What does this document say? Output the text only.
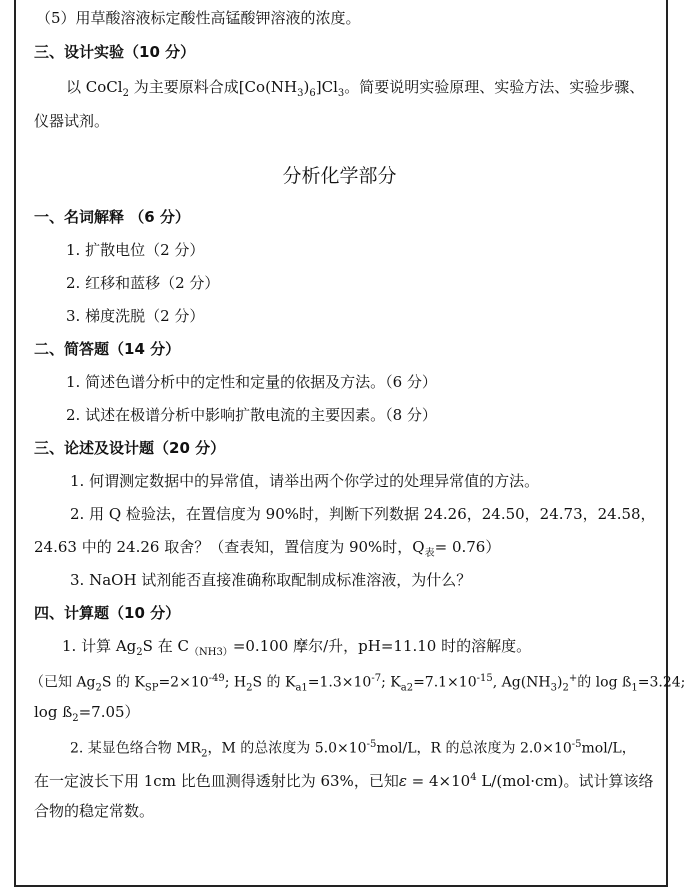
（5）用草酸溶液标定酸性高锰酸钾溶液的浓度。
三、设计实验（10 分）
以 CoCl$_2$ 为主要原料合成$[Co(NH_3)_6]Cl_3$。简要说明实验原理、实验方法、实验步骤、
仪器试剂。
分析化学部分
一、名词解释 （6 分）
1. 扩散电位（2 分）
2. 红移和蓝移（2 分）
3. 梯度洗脱（2 分）
二、简答题（14 分）
1. 简述色谱分析中的定性和定量的依据及方法。（6 分）
2. 试述在极谱分析中影响扩散电流的主要因素。（8 分）
三、论述及设计题（20 分）
1. 何谓测定数据中的异常值，请举出两个你学过的处理异常值的方法。
2. 用 Q 检验法，在置信度为 90%时，判断下列数据 24.26，24.50，24.73，24.58，
24.63 中的 24.26 取舍？（查表知，置信度为 90%时，$Q_表= 0.76$）
3. NaOH 试剂能否直接准确称取配制成标准溶液，为什么？
四、计算题（10 分）
1. 计算 $Ag_2S$ 在 $C_{(NH3)}=0.100$ 摩尔/升，pH=11.10 时的溶解度。
（已知 $Ag_2S$ 的 $K_{SP}=2\times 10^{-49}$; $H_2S$ 的 $K_{a1}=1.3\times 10^{-7}$; $K_{a2}=7.1\times 10^{-15}$, $Ag(NH_3)_2^+$的 $\log ß_1=3.24$;
$\log ß_2=7.05$）
2. 某显色络合物 $MR_2$，M 的总浓度为 $5.0\times 10^{-5}mol/L$，R 的总浓度为 $2.0\times 10^{-5}mol/L$，
在一定波长下用 1cm 比色皿测得透射比为 63%，已知$\varepsilon = 4\times 10^4$ L/(mol·cm)。试计算该络
合物的稳定常数。
